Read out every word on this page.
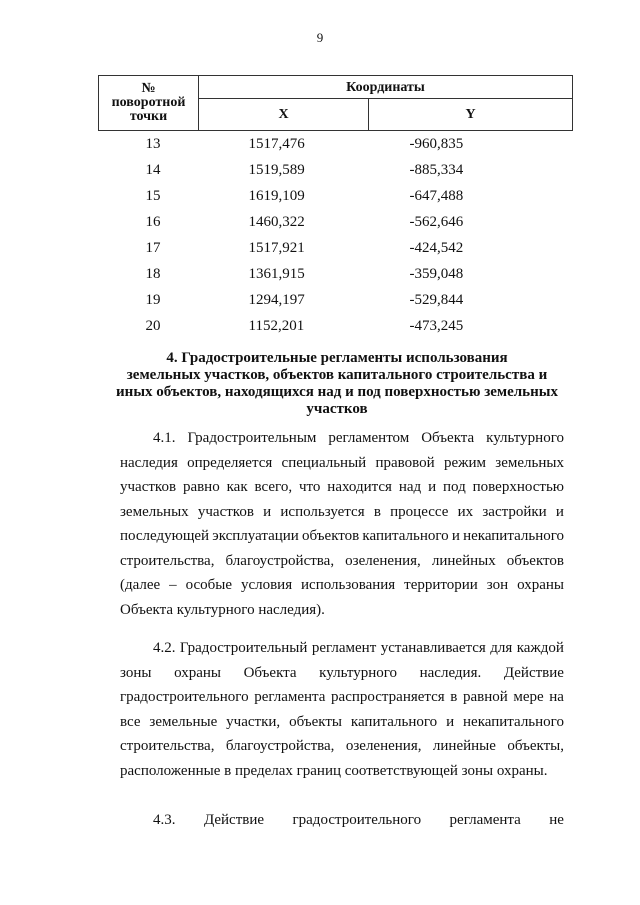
9
№
поворотной
точки	Координаты	
	X	Y
13	1517,476	-960,835
14	1519,589	-885,334
15	1619,109	-647,488
16	1460,322	-562,646
17	1517,921	-424,542
18	1361,915	-359,048
19	1294,197	-529,844
20	1152,201	-473,245
4. Градостроительные регламенты использования
земельных участков, объектов капитального строительства и
иных объектов, находящихся над и под поверхностью земельных
участков
4.1. Градостроительным регламентом Объекта культурного
наследия определяется специальный правовой режим земельных
участков равно как всего, что находится над и под поверхностью
земельных участков и используется в процессе их застройки и
последующей эксплуатации объектов капитального и некапитального
строительства, благоустройства, озеленения, линейных объектов
(далее – особые условия использования территории зон охраны
Объекта культурного наследия).
4.2. Градостроительный регламент устанавливается для каждой
зоны охраны Объекта культурного наследия. Действие
градостроительного регламента распространяется в равной мере на
все земельные участки, объекты капитального и некапитального
строительства, благоустройства, озеленения, линейные объекты,
расположенные в пределах границ соответствующей зоны охраны.
4.3. Действие градостроительного регламента не
